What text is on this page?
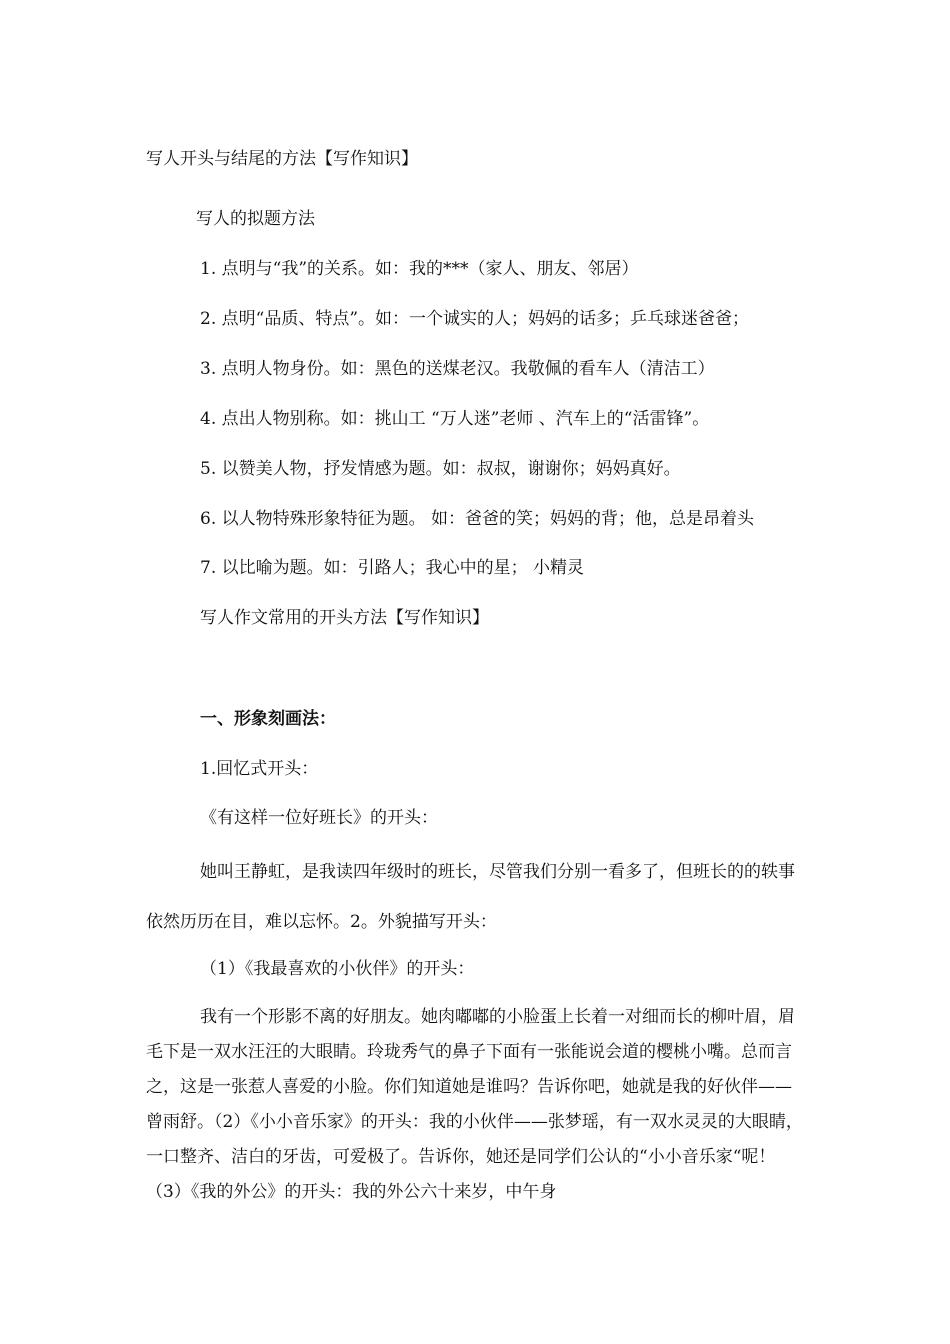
写人开头与结尾的方法【写作知识】
写人的拟题方法
1. 点明与“我”的关系。如：我的***（家人、朋友、邻居）
2. 点明“品质、特点”。如：一个诚实的人；妈妈的话多；乒乓球迷爸爸；
3. 点明人物身份。如：黑色的送煤老汉。我敬佩的看车人（清洁工）
4. 点出人物别称。如：挑山工 “万人迷”老师 、汽车上的“活雷锋”。
5. 以赞美人物，抒发情感为题。如：叔叔，谢谢你；妈妈真好。
6. 以人物特殊形象特征为题。 如：爸爸的笑；妈妈的背；他，总是昂着头
7. 以比喻为题。如：引路人；我心中的星； 小精灵
写人作文常用的开头方法【写作知识】
一、形象刻画法：
1.回忆式开头：
《有这样一位好班长》的开头：
她叫王静虹，是我读四年级时的班长，尽管我们分别一看多了，但班长的的轶事依然历历在目，难以忘怀。2。外貌描写开头：
（1）《我最喜欢的小伙伴》的开头：
我有一个形影不离的好朋友。她肉嘟嘟的小脸蛋上长着一对细而长的柳叶眉，眉毛下是一双水汪汪的大眼睛。玲珑秀气的鼻子下面有一张能说会道的樱桃小嘴。总而言之，这是一张惹人喜爱的小脸。你们知道她是谁吗？告诉你吧，她就是我的好伙伴——曾雨舒。（2）《小小音乐家》的开头：我的小伙伴——张梦瑶，有一双水灵灵的大眼睛，一口整齐、洁白的牙齿，可爱极了。告诉你，她还是同学们公认的“小小音乐家“呢！（3）《我的外公》的开头：我的外公六十来岁，中午身
